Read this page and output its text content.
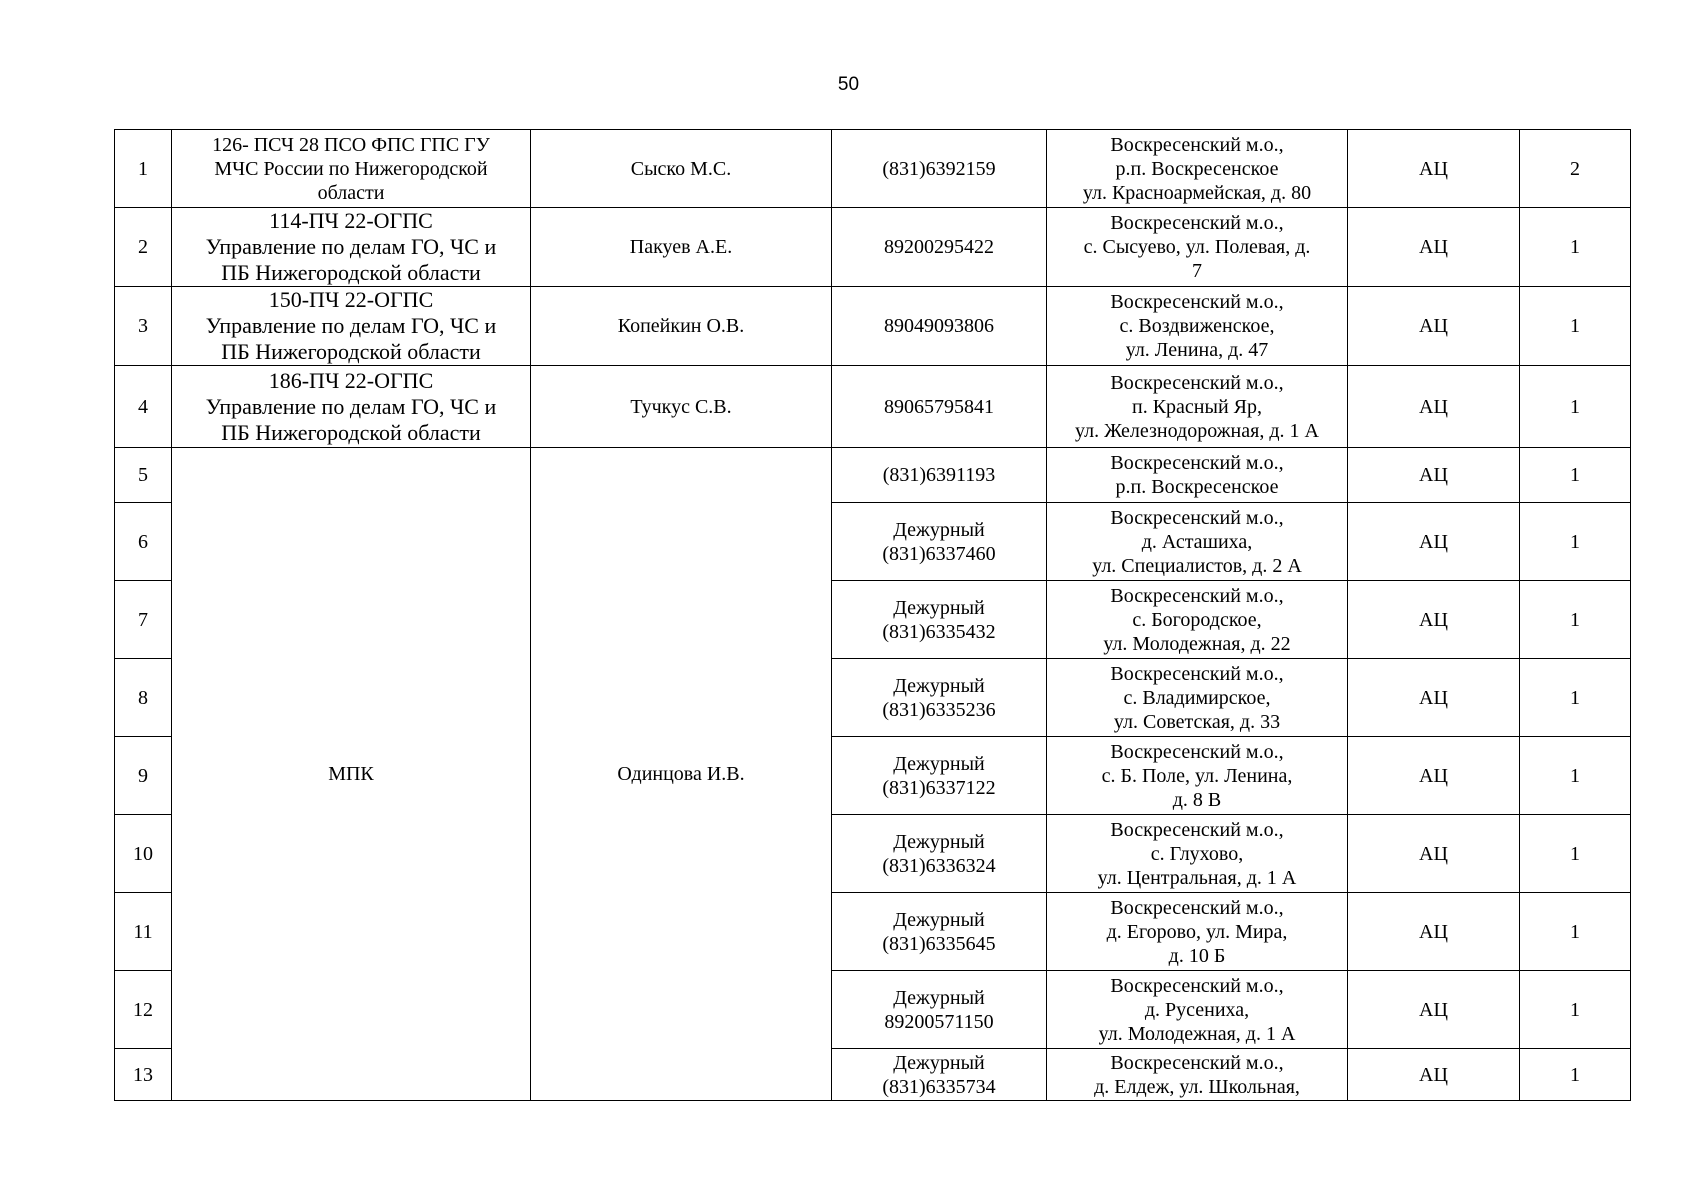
50
1	126- ПСЧ 28 ПСО ФПС ГПС ГУ
МЧС России по Нижегородской
области	Сыско М.С.	(831)6392159	Воскресенский м.о.,
р.п. Воскресенское
ул. Красноармейская, д. 80	АЦ	2
2	114-ПЧ 22-ОГПС
Управление по делам ГО, ЧС и
ПБ Нижегородской области	Пакуев А.Е.	89200295422	Воскресенский м.о.,
с. Сысуево, ул. Полевая, д.
7	АЦ	1
3	150-ПЧ 22-ОГПС
Управление по делам ГО, ЧС и
ПБ Нижегородской области	Копейкин О.В.	89049093806	Воскресенский м.о.,
с. Воздвиженское,
ул. Ленина, д. 47	АЦ	1
4	186-ПЧ 22-ОГПС
Управление по делам ГО, ЧС и
ПБ Нижегородской области	Тучкус С.В.	89065795841	Воскресенский м.о.,
п. Красный Яр,
ул. Железнодорожная, д. 1 А	АЦ	1
5	МПК	Одинцова И.В.	(831)6391193	Воскресенский м.о.,
р.п. Воскресенское	АЦ	1
6			Дежурный
(831)6337460	Воскресенский м.о.,
д. Асташиха,
ул. Специалистов, д. 2 А	АЦ	1
7			Дежурный
(831)6335432	Воскресенский м.о.,
с. Богородское,
ул. Молодежная, д. 22	АЦ	1
8			Дежурный
(831)6335236	Воскресенский м.о.,
с. Владимирское,
ул. Советская, д. 33	АЦ	1
9			Дежурный
(831)6337122	Воскресенский м.о.,
с. Б. Поле, ул. Ленина,
д. 8 В	АЦ	1
10			Дежурный
(831)6336324	Воскресенский м.о.,
с. Глухово,
ул. Центральная, д. 1 А	АЦ	1
11			Дежурный
(831)6335645	Воскресенский м.о.,
д. Егорово, ул. Мира,
д. 10 Б	АЦ	1
12			Дежурный
89200571150	Воскресенский м.о.,
д. Русениха,
ул. Молодежная, д. 1 А	АЦ	1
13			Дежурный
(831)6335734	Воскресенский м.о.,
д. Елдеж, ул. Школьная,	АЦ	1
